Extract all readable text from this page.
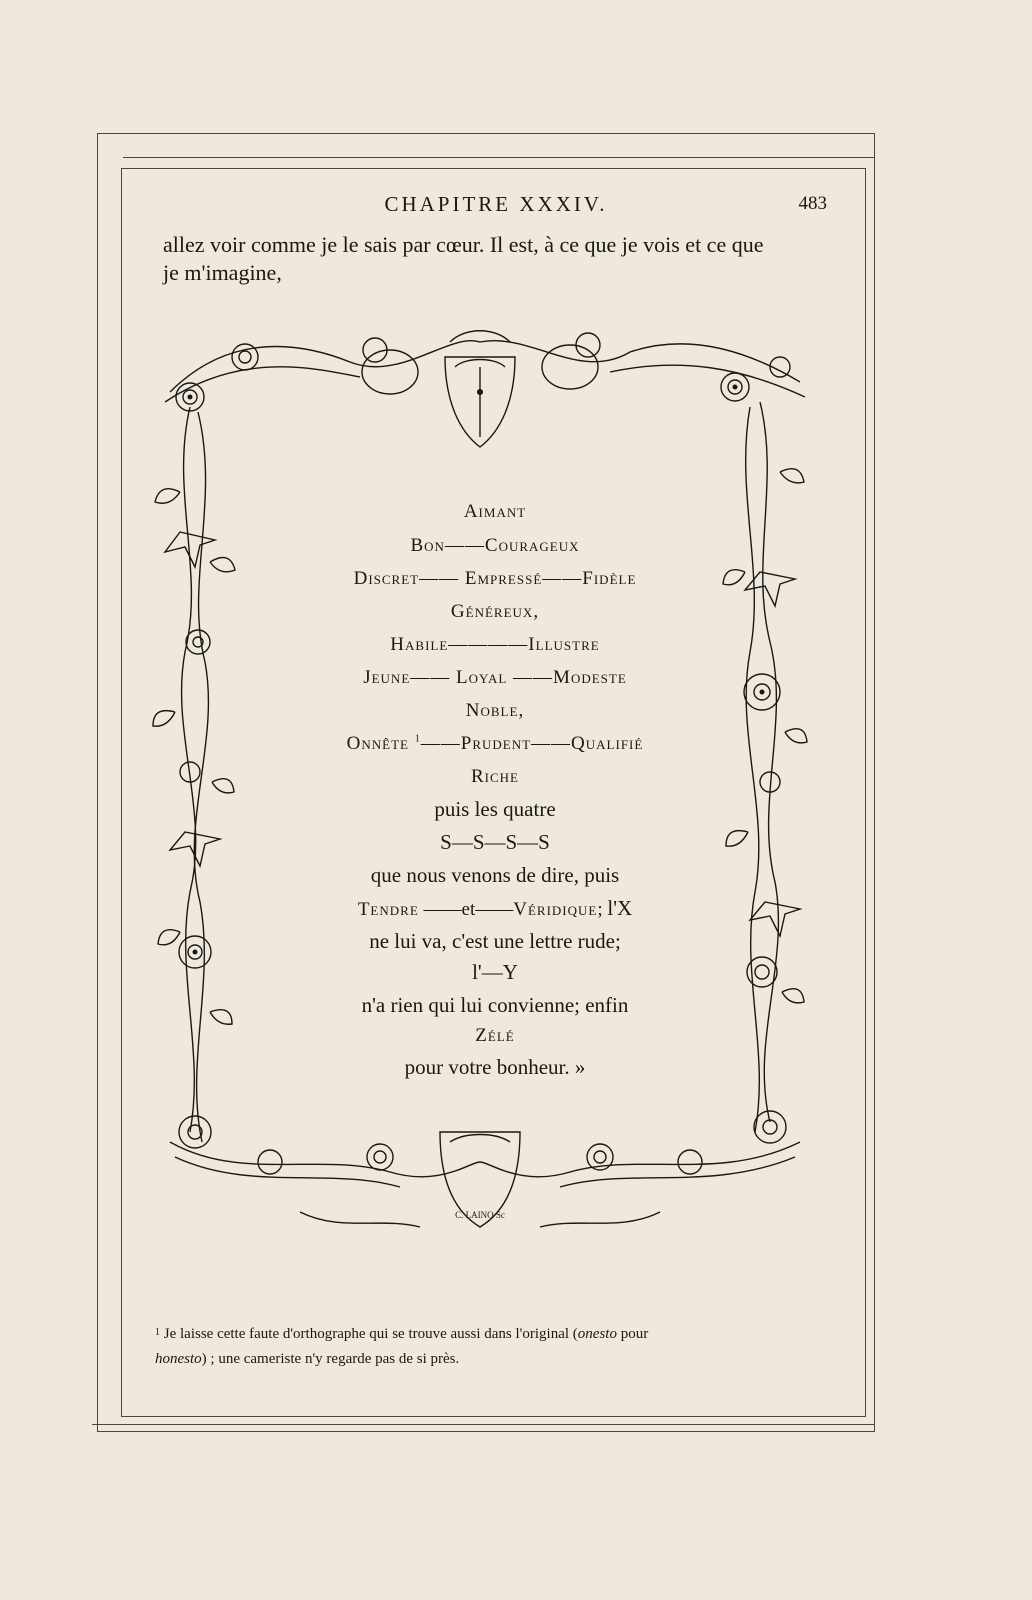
CHAPITRE XXXIV.	483
allez voir comme je le sais par cœur. Il est, à ce que je vois et ce que
je m'imagine,
C. LAINO Sc
Aimant
Bon——Courageux
Discret—— Empressé——Fidèle
Généreux,
Habile————Illustre
Jeune—— Loyal ——Modeste
Noble,
Onnête $^1$——Prudent——Qualifié
Riche
puis les quatre
S—S—S—S
que nous venons de dire, puis
Tendre ——et——Véridique; l'X
ne lui va, c'est une lettre rude;
l'—Y
n'a rien qui lui convienne; enfin
Zélé
pour votre bonheur. »
$^1$ Je laisse cette faute d'orthographe qui se trouve aussi dans l'original (onesto pour
honesto) ; une cameriste n'y regarde pas de si près.
